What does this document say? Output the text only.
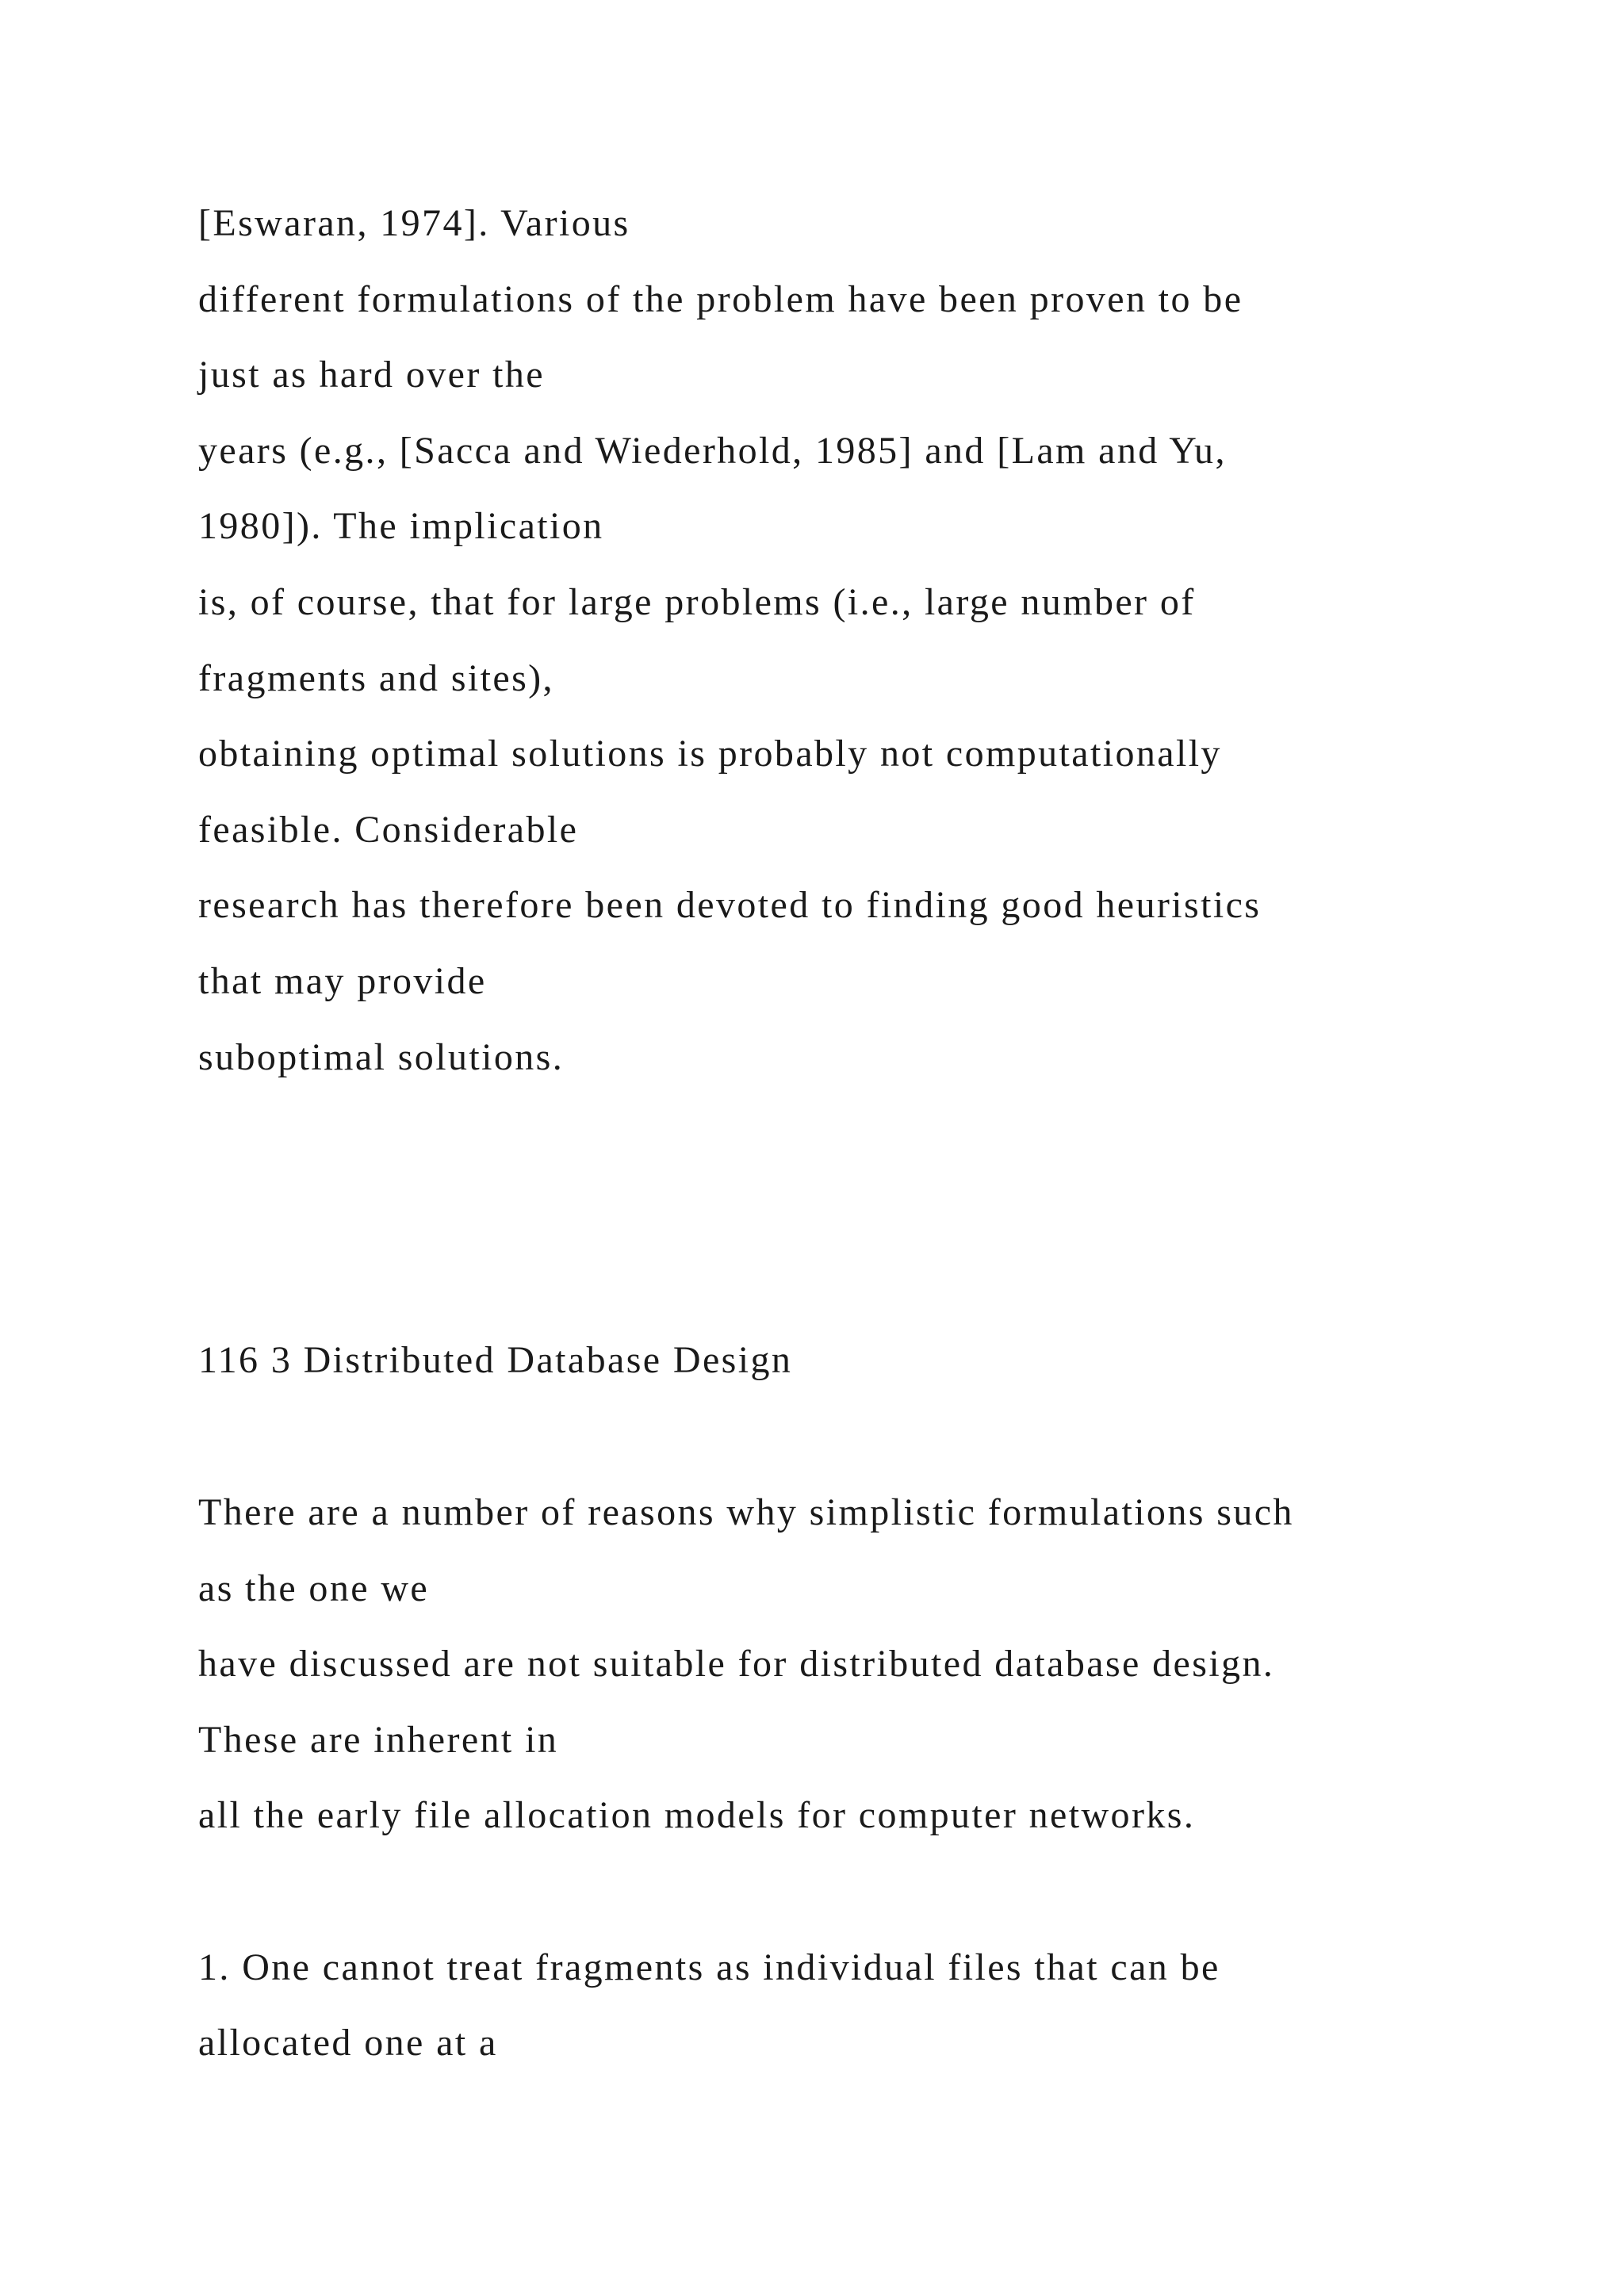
[Eswaran, 1974]. Various

different formulations of the problem have been proven to be

just as hard over the

years (e.g., [Sacca and Wiederhold, 1985] and [Lam and Yu,

1980]). The implication

is, of course, that for large problems (i.e., large number of

fragments and sites),

obtaining optimal solutions is probably not computationally

feasible. Considerable

research has therefore been devoted to finding good heuristics

that may provide

suboptimal solutions.

116 3 Distributed Database Design

There are a number of reasons why simplistic formulations such

as the one we

have discussed are not suitable for distributed database design.

These are inherent in

all the early file allocation models for computer networks.

1. One cannot treat fragments as individual files that can be

allocated one at a
